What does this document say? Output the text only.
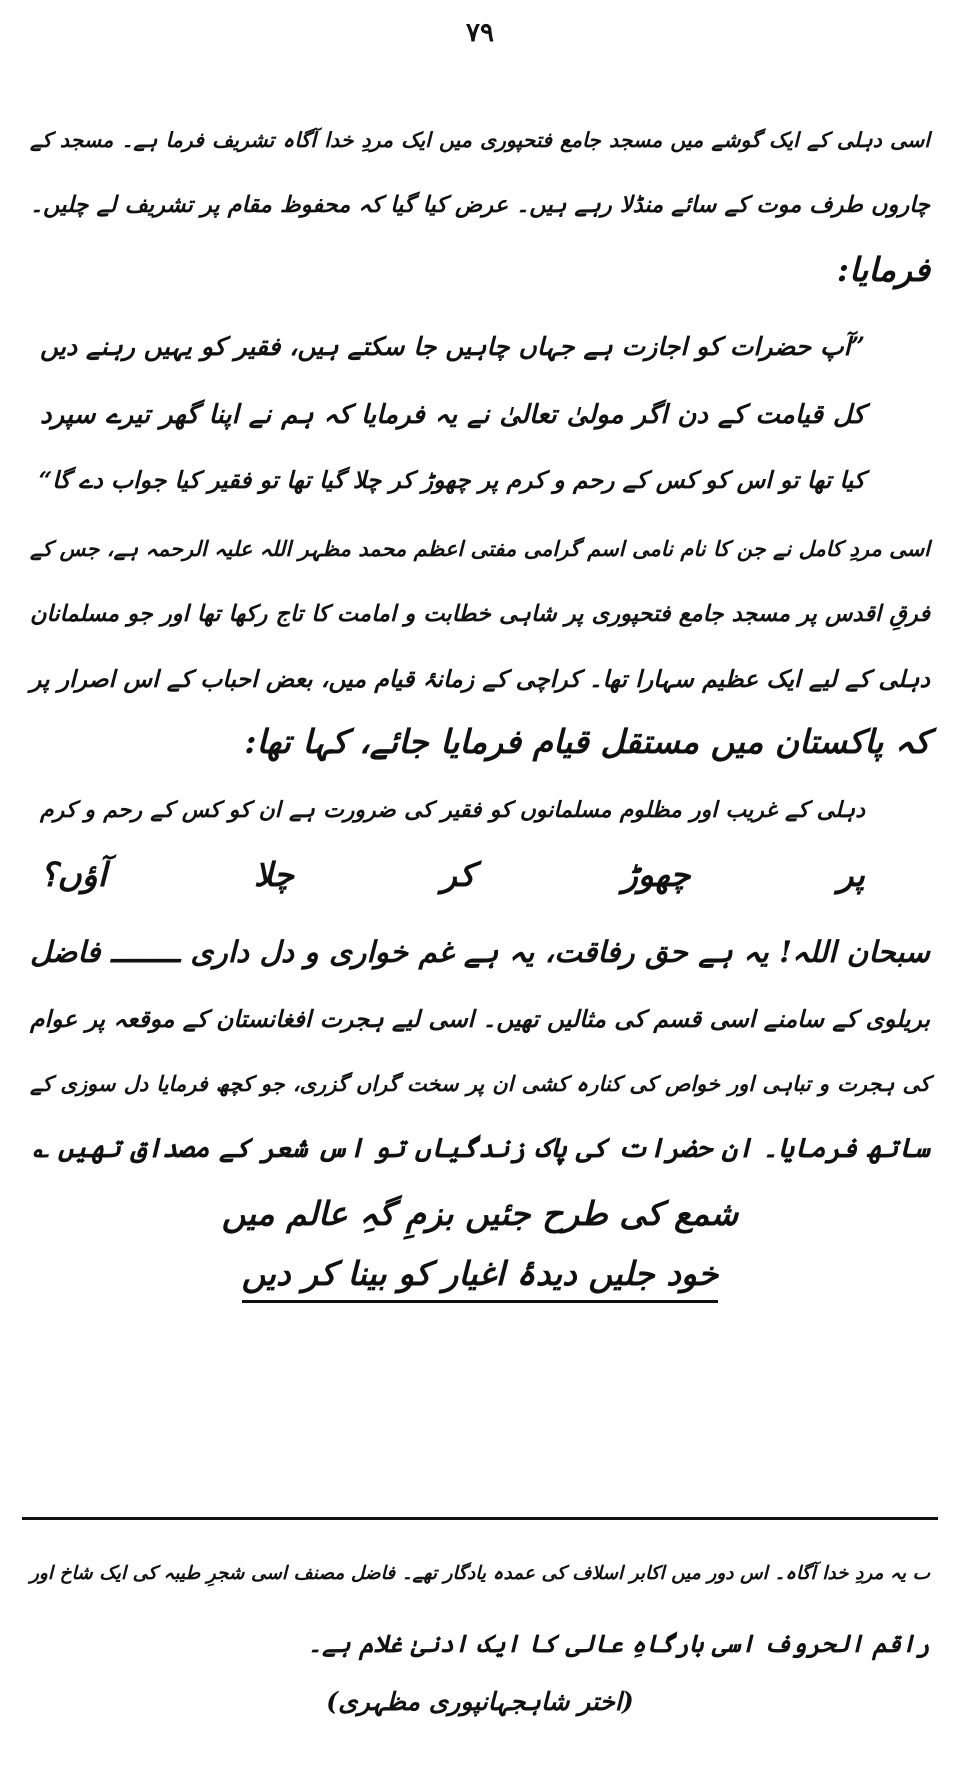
۷۹
اسی دہلی کے ایک گوشے میں مسجد جامع فتحپوری میں ایک مردِ خدا آگاہ تشریف فرما ہے۔ مسجد کے
چاروں طرف موت کے سائے منڈلا رہے ہیں۔ عرض کیا گیا کہ محفوظ مقام پر تشریف لے چلیں۔
فرمایا:
”آپ حضرات کو اجازت ہے جہاں چاہیں جا سکتے ہیں، فقیر کو یہیں رہنے دیں
کل قیامت کے دن اگر مولیٰ تعالیٰ نے یہ فرمایا کہ ہم نے اپنا گھر تیرے سپرد
کیا تھا تو اس کو کس کے رحم و کرم پر چھوڑ کر چلا گیا تھا تو فقیر کیا جواب دے گا“
اسی مردِ کامل نے جن کا نام نامی اسم گرامی مفتی اعظم محمد مظہر اللہ علیہ الرحمہ ہے، جس کے
فرقِ اقدس پر مسجد جامع فتحپوری پر شاہی خطابت و امامت کا تاج رکھا تھا اور جو مسلمانان
دہلی کے لیے ایک عظیم سہارا تھا۔ کراچی کے زمانۂ قیام میں، بعض احباب کے اس اصرار پر
کہ پاکستان میں مستقل قیام فرمایا جائے، کہا تھا:
دہلی کے غریب اور مظلوم مسلمانوں کو فقیر کی ضرورت ہے ان کو کس کے رحم و کرم
پر چھوڑ کر چلا آؤں؟
سبحان اللہ! یہ ہے حق رفاقت، یہ ہے غم خواری و دل داری ــــــــ فاضل
بریلوی کے سامنے اسی قسم کی مثالیں تھیں۔ اسی لیے ہجرت افغانستان کے موقعہ پر عوام
کی ہجرت و تباہی اور خواص کی کنارہ کشی ان پر سخت گراں گزری، جو کچھ فرمایا دل سوزی کے
ساتھ فرمایا۔ ان حضرات کی پاک زندگیاں تو اس شعر کے مصداق تھیں ؎
شمع کی طرح جئیں بزمِ گہِ عالم میں
خود جلیں دیدۂ اغیار کو بینا کر دیں
ٮ یہ مردِ خدا آگاہ۔ اس دور میں اکابر اسلاف کی عمدہ یادگار تھے۔ فاضل مصنف اسی شجرِ طیبہ کی ایک شاخ اور
راقم الحروف اسی بارگاہِ عالی کا ایک ادنیٰ غلام ہے۔
(اختر شاہجہانپوری مظہری)
